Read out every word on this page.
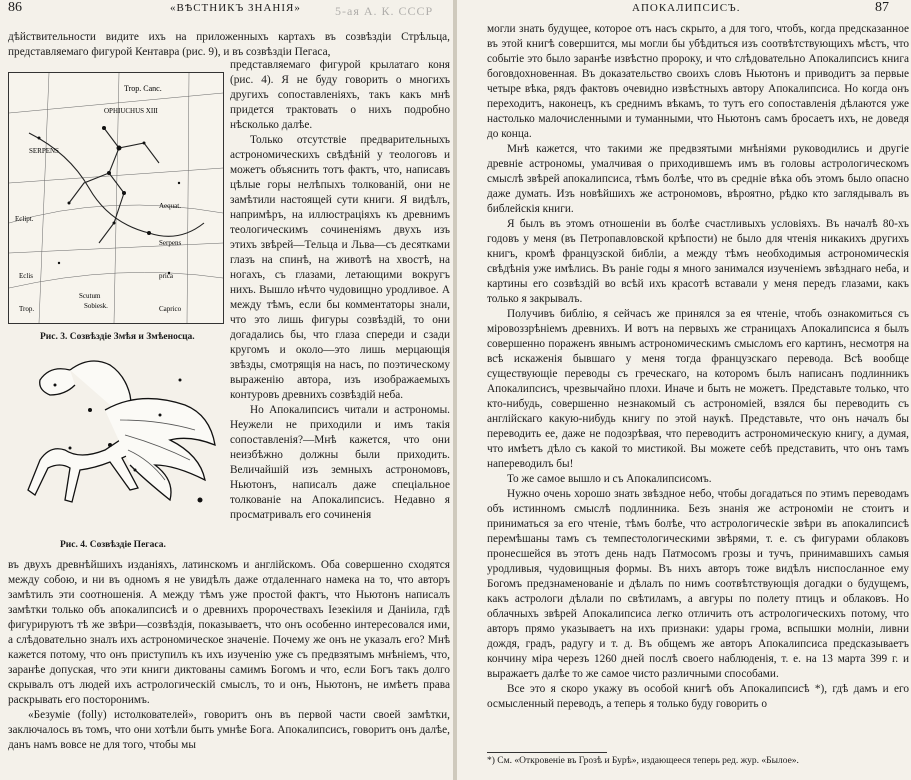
86	«ВѢСТНИКЪ ЗНАНІЯ»	5-ая А. К. СССР

дѣйствительности видите ихъ на приложенныхъ картахъ въ созвѣздіи Стрѣльца, представляемаго фигурой Кентавра (рис. 9), и въ созвѣздіи Пегаса,

Trop. Canc.
OPHIUCHUS XIII
SERPENS
Eclipt.
Aequat.
Serpens
Eclis	prica
Trop.	Caprico
Scutum
Sobiesk.
Рис. 3. Созвѣздіе Змѣя и Змѣеносца.
Рис. 4. Созвѣздіе Пегаса.

представляемаго фигурой крылатаго коня (рис. 4). Я не буду говорить о многихъ другихъ сопоставленіяхъ, такъ какъ мнѣ придется трактовать о нихъ подробно нѣсколько далѣе.

Только отсутствіе предварительныхъ астрономическихъ свѣдѣній у теологовъ и можетъ объяснить тотъ фактъ, что, написавъ цѣлые горы нелѣпыхъ толкованій, они не замѣтили настоящей сути книги. Я видѣлъ, напримѣръ, на иллюстраціяхъ къ древнимъ теологическимъ сочиненіямъ двухъ изъ этихъ звѣрей—Тельца и Льва—съ десятками глазъ на спинѣ, на животѣ на хвостѣ, на ногахъ, съ глазами, летающими вокругъ нихъ. Вышло нѣчто чудовищно уродливое. А между тѣмъ, если бы комментаторы знали, что это лишь фигуры созвѣздій, то они догадались бы, что глаза спереди и сзади кругомъ и около—это лишь мерцающія звѣзды, смотрящія на насъ, по поэтическому выраженію автора, изъ изображаемыхъ контуровъ древнихъ созвѣздій неба.

Но Апокалипсисъ читали и астрономы. Неужели не приходили и имъ такія сопоставленія?—Мнѣ кажется, что они неизбѣжно должны были приходить. Величайшій изъ земныхъ астрономовъ, Ньютонъ, написалъ даже спеціальное толкованіе на Апокалипсисъ. Недавно я просматривалъ его сочиненія

въ двухъ древнѣйшихъ изданіяхъ, латинскомъ и англійскомъ. Оба совершенно сходятся между собою, и ни въ одномъ я не увидѣлъ даже отдаленнаго намека на то, что авторъ замѣтилъ эти соотношенія. А между тѣмъ уже простой фактъ, что Ньютонъ написалъ замѣтки только объ апокалипсисѣ и о древнихъ пророчествахъ Іезекіиля и Даніила, гдѣ фигурируютъ тѣ же звѣри—созвѣздія, показываетъ, что онъ особенно интересовался ими, а слѣдовательно зналъ ихъ астрономическое значеніе. Почему же онъ не указалъ его? Мнѣ кажется потому, что онъ приступилъ къ ихъ изученію уже съ предвзятымъ мнѣніемъ, что, заранѣе допуская, что эти книги диктованы самимъ Богомъ и что, если Богъ такъ долго скрывалъ отъ людей ихъ астрологическій смыслъ, то и онъ, Ньютонъ, не имѣетъ права раскрывать его посторонимъ.

«Безуміе (folly) истолкователей», говоритъ онъ въ первой части своей замѣтки, заключалось въ томъ, что они хотѣли быть умнѣе Бога. Апокалипсисъ, говоритъ онъ далѣе, данъ намъ вовсе не для того, чтобы мы

АПОКАЛИПСИСЪ.	87

могли знать будущее, которое отъ насъ скрыто, а для того, чтобъ, когда предсказанное въ этой книгѣ совершится, мы могли бы убѣдиться изъ соотвѣтствующихъ мѣстъ, что событіе это было заранѣе извѣстно пророку, и что слѣдовательно Апокалипсисъ книга боговдохновенная. Въ доказательство своихъ словъ Ньютонъ и приводитъ за первые четыре вѣка, рядъ фактовъ очевидно извѣстныхъ автору Апокалипсиса. Но когда онъ переходитъ, наконецъ, къ среднимъ вѣкамъ, то тутъ его сопоставленія дѣлаются уже настолько малочисленными и туманными, что Ньютонъ самъ бросаетъ ихъ, не доведя до конца.

Мнѣ кажется, что такими же предвзятыми мнѣніями руководились и другіе древніе астрономы, умалчивая о приходившемъ имъ въ головы астрологическомъ смыслѣ звѣрей апокалипсиса, тѣмъ болѣе, что въ средніе вѣка объ этомъ было опасно даже думать. Изъ новѣйшихъ же астрономовъ, вѣроятно, рѣдко кто заглядывалъ въ библейскія книги.

Я былъ въ этомъ отношеніи въ болѣе счастливыхъ условіяхъ. Въ началѣ 80-хъ годовъ у меня (въ Петропавловской крѣпости) не было для чтенія никакихъ другихъ книгъ, кромѣ французской библіи, а между тѣмъ необходимыя астрономическія свѣдѣнія уже имѣлись. Въ раніе годы я много занимался изученіемъ звѣзднаго неба, и картины его созвѣздій во всѣй ихъ красотѣ вставали у меня передъ глазами, какъ только я закрывалъ.

Получивъ библію, я сейчасъ же принялся за ея чтеніе, чтобъ ознакомиться съ міровоззрѣніемъ древнихъ. И вотъ на первыхъ же страницахъ Апокалипсиса я былъ совершенно пораженъ явнымъ астрономическимъ смысломъ его картинъ, несмотря на всѣ искаженія бывшаго у меня тогда французскаго перевода. Всѣ вообще существующіе переводы съ греческаго, на которомъ былъ написанъ подлинникъ Апокалипсисъ, чрезвычайно плохи. Иначе и быть не можетъ. Представьте только, что кто-нибудь, совершенно незнакомый съ астрономіей, взялся бы переводить съ англійскаго какую-нибудь книгу по этой наукѣ. Представьте, что онъ началъ бы переводить ее, даже не подозрѣвая, что переводитъ астрономическую книгу, а думая, что имѣетъ дѣло съ какой то мистикой. Вы можете себѣ представить, что онъ тамъ напереводилъ бы!

То же самое вышло и съ Апокалипсисомъ.

Нужно очень хорошо знать звѣздное небо, чтобы догадаться по этимъ переводамъ объ истинномъ смыслѣ подлинника. Безъ знанія же астрономіи не стоитъ и приниматься за его чтеніе, тѣмъ болѣе, что астрологическіе звѣри въ апокалипсисѣ перемѣшаны тамъ съ темпестологическими звѣрями, т. е. съ фигурами облаковъ пронесшейся въ этотъ день надъ Патмосомъ грозы и тучъ, принимавшихъ самыя уродливыя, чудовищныя формы. Въ нихъ авторъ тоже видѣлъ ниспосланное ему Богомъ предзнаменованіе и дѣлалъ по нимъ соотвѣтствующія догадки о будущемъ, какъ астрологи дѣлали по свѣтиламъ, а авгуры по полету птицъ и облаковъ. Но облачныхъ звѣрей Апокалипсиса легко отличить отъ астрологическихъ потому, что авторъ прямо указываетъ на ихъ признаки: удары грома, вспышки молніи, ливни дождя, градъ, радугу и т. д. Въ общемъ же авторъ Апокалипсиса предсказываетъ кончину міра черезъ 1260 дней послѣ своего наблюденія, т. е. на 13 марта 399 г. и выражаетъ далѣе то же самое чисто различными способами.

Все это я скоро укажу въ особой книгѣ объ Апокалипсисѣ *), гдѣ дамъ и его осмысленный переводъ, а теперь я только буду говорить о

*) См. «Откровеніе въ Грозѣ и Бурѣ», издающееся теперь ред. жур. «Былое».
